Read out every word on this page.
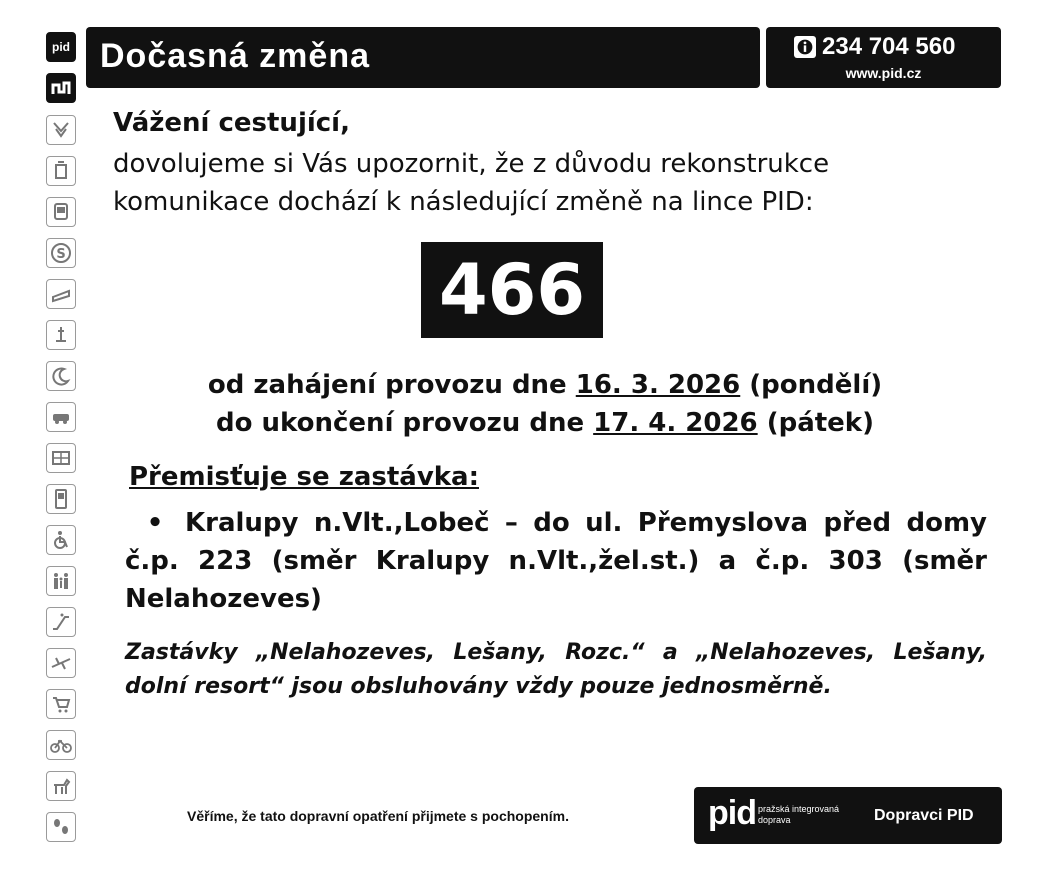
pid
S
Dočasná změna	234 704 560
www.pid.cz
Vážení cestující,
dovolujeme si Vás upozornit, že z důvodu rekonstrukce komunikace dochází k následující změně na lince PID:
466
od zahájení provozu dne 16. 3. 2026 (pondělí)
do ukončení provozu dne 17. 4. 2026 (pátek)
Přemisťuje se zastávka:
• Kralupy n.Vlt.,Lobeč – do ul. Přemyslova před domy č.p. 223 (směr Kralupy n.Vlt.,žel.st.) a č.p. 303 (směr Nelahozeves)
Zastávky „Nelahozeves, Lešany, Rozc.“ a „Nelahozeves, Lešany, dolní resort“ jsou obsluhovány vždy pouze jednosměrně.
Věříme, že tato dopravní opatření přijmete s pochopením.	pid pražská integrovaná doprava	Dopravci PID
